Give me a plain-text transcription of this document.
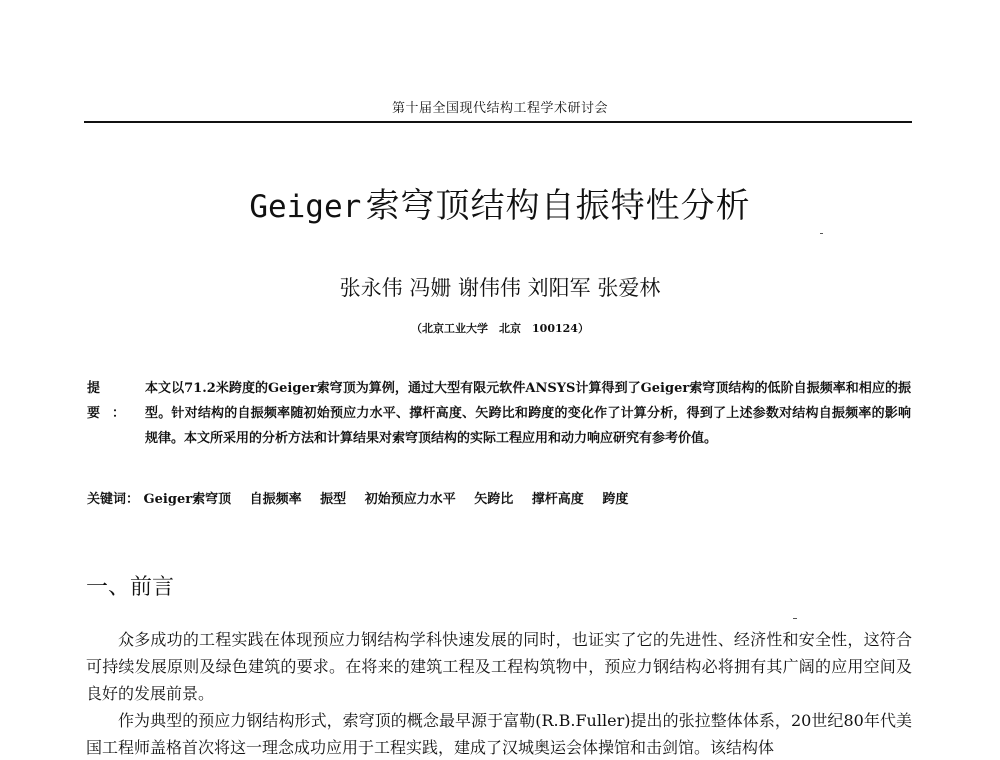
第十届全国现代结构工程学术研讨会
Geiger  索穹顶结构自振特性分析
张永伟 冯姗 谢伟伟 刘阳军 张爱林
（北京工业大学　北京　100124）
提 要：
本文以71.2米跨度的Geiger索穹顶为算例，通过大型有限元软件ANSYS计算得到了Geiger索穹顶结构的低阶自振频率和相应的振型。针对结构的自振频率随初始预应力水平、撑杆高度、矢跨比和跨度的变化作了计算分析，得到了上述参数对结构自振频率的影响规律。本文所采用的分析方法和计算结果对索穹顶结构的实际工程应用和动力响应研究有参考价值。
关键词： Geiger索穹顶 自振频率 振型 初始预应力水平 矢跨比 撑杆高度 跨度
一、前言

众多成功的工程实践在体现预应力钢结构学科快速发展的同时，也证实了它的先进性、经济性和安全性，这符合可持续发展原则及绿色建筑的要求。在将来的建筑工程及工程构筑物中，预应力钢结构必将拥有其广阔的应用空间及良好的发展前景。

作为典型的预应力钢结构形式，索穹顶的概念最早源于富勒(R.B.Fuller)提出的张拉整体体系，20世纪80年代美国工程师盖格首次将这一理念成功应用于工程实践，建成了汉城奥运会体操馆和击剑馆。该结构体
